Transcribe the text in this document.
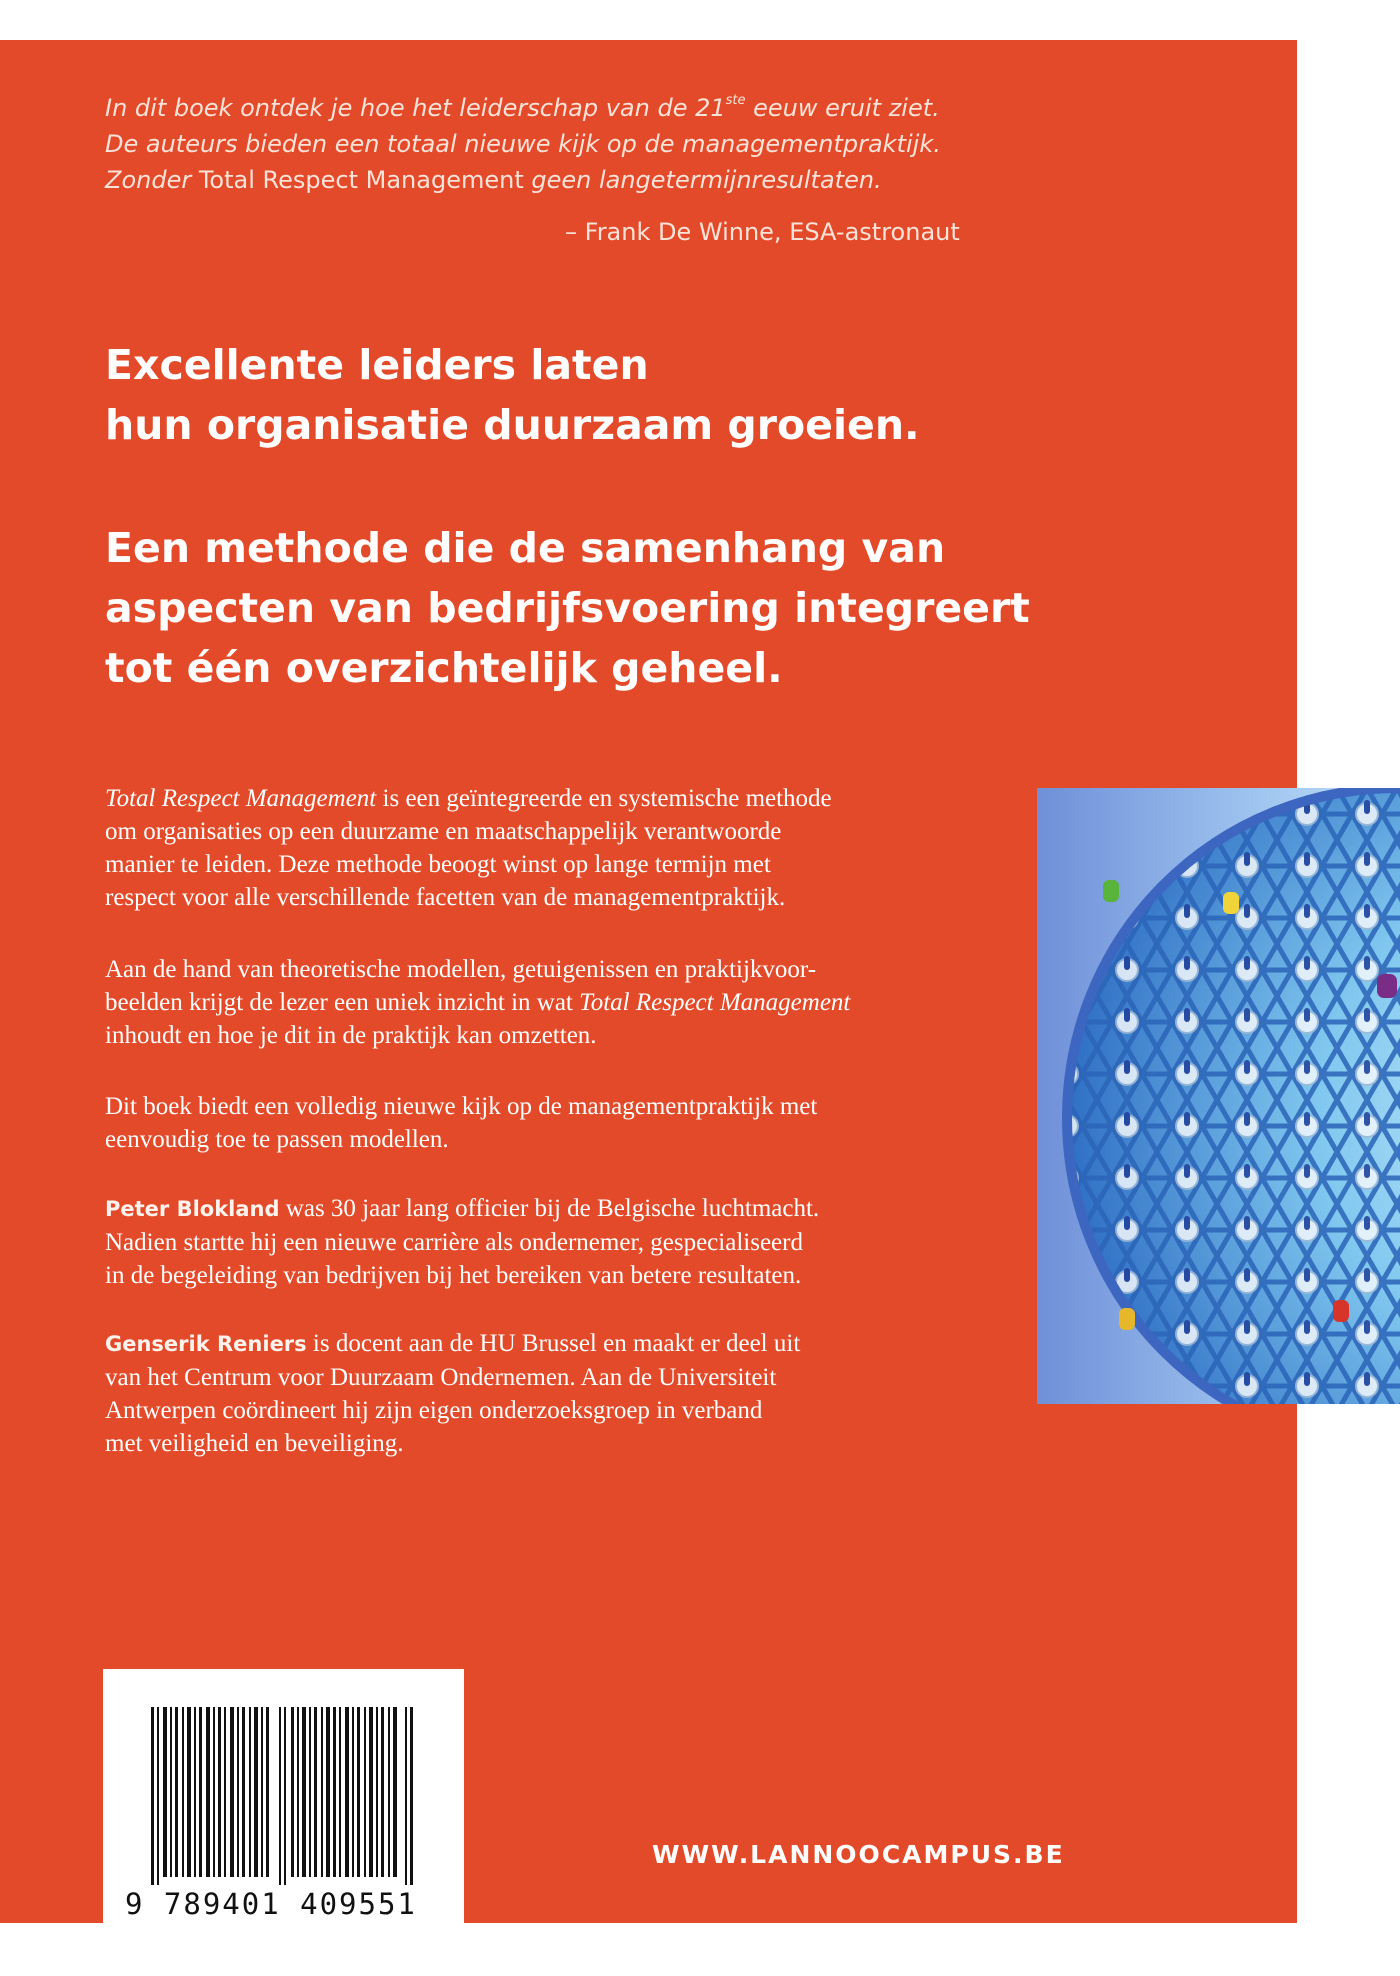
In dit boek ontdek je hoe het leiderschap van de 21ste eeuw eruit ziet.
De auteurs bieden een totaal nieuwe kijk op de managementpraktijk.
Zonder Total Respect Management geen langetermijnresultaten.
– Frank De Winne, ESA-astronaut
Excellente leiders laten
hun organisatie duurzaam groeien.
Een methode die de samenhang van
aspecten van bedrijfsvoering integreert
tot één overzichtelijk geheel.

Total Respect Management is een geïntegreerde en systemische methode
om organisaties op een duurzame en maatschappelijk verantwoorde
manier te leiden. Deze methode beoogt winst op lange termijn met
respect voor alle verschillende facetten van de managementpraktijk.

Aan de hand van theoretische modellen, getuigenissen en praktijkvoor-
beelden krijgt de lezer een uniek inzicht in wat Total Respect Management
inhoudt en hoe je dit in de praktijk kan omzetten.

Dit boek biedt een volledig nieuwe kijk op de managementpraktijk met
eenvoudig toe te passen modellen.

Peter Blokland was 30 jaar lang officier bij de Belgische luchtmacht.
Nadien startte hij een nieuwe carrière als ondernemer, gespecialiseerd
in de begeleiding van bedrijven bij het bereiken van betere resultaten.

Genserik Reniers is docent aan de HU Brussel en maakt er deel uit
van het Centrum voor Duurzaam Ondernemen. Aan de Universiteit
Antwerpen coördineert hij zijn eigen onderzoeksgroep in verband
met veiligheid en beveiliging.

9 789401 409551
WWW.LANNOOCAMPUS.BE
